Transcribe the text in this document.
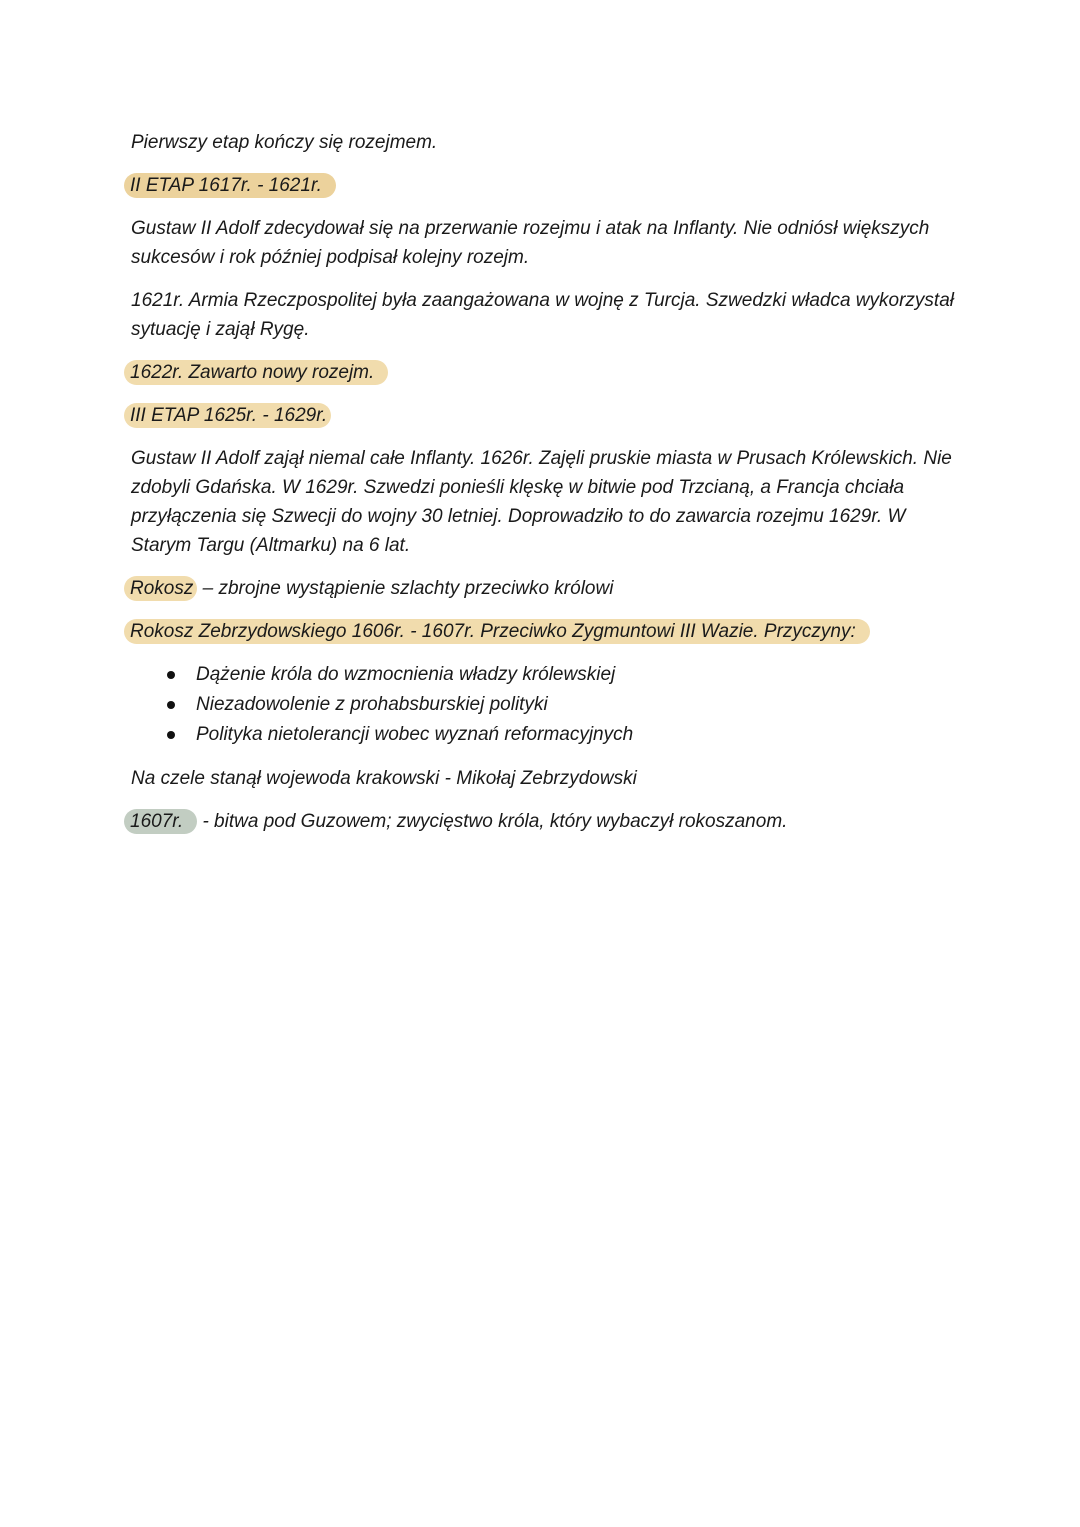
Pierwszy etap kończy się rozejmem.

II ETAP 1617r. - 1621r.

Gustaw II Adolf zdecydował się na przerwanie rozejmu i atak na Inflanty. Nie odniósł większych sukcesów i rok później podpisał kolejny rozejm.

1621r. Armia Rzeczpospolitej była zaangażowana w wojnę z Turcja. Szwedzki władca wykorzystał sytuację i zajął Rygę.

1622r. Zawarto nowy rozejm.

III ETAP 1625r. - 1629r.

Gustaw II Adolf zajął niemal całe Inflanty. 1626r. Zajęli pruskie miasta w Prusach Królewskich. Nie zdobyli Gdańska. W 1629r. Szwedzi ponieśli klęskę w bitwie pod Trzcianą, a Francja chciała przyłączenia się Szwecji do wojny 30 letniej. Doprowadziło to do zawarcia rozejmu 1629r. W Starym Targu (Altmarku) na 6 lat.

Rokosz – zbrojne wystąpienie szlachty przeciwko królowi

Rokosz Zebrzydowskiego 1606r. - 1607r. Przeciwko Zygmuntowi III Wazie. Przyczyny:

Dążenie króla do wzmocnienia władzy królewskiej
Niezadowolenie z prohabsburskiej polityki
Polityka nietolerancji wobec wyznań reformacyjnych

Na czele stanął wojewoda krakowski - Mikołaj Zebrzydowski

1607r. - bitwa pod Guzowem; zwycięstwo króla, który wybaczył rokoszanom.
